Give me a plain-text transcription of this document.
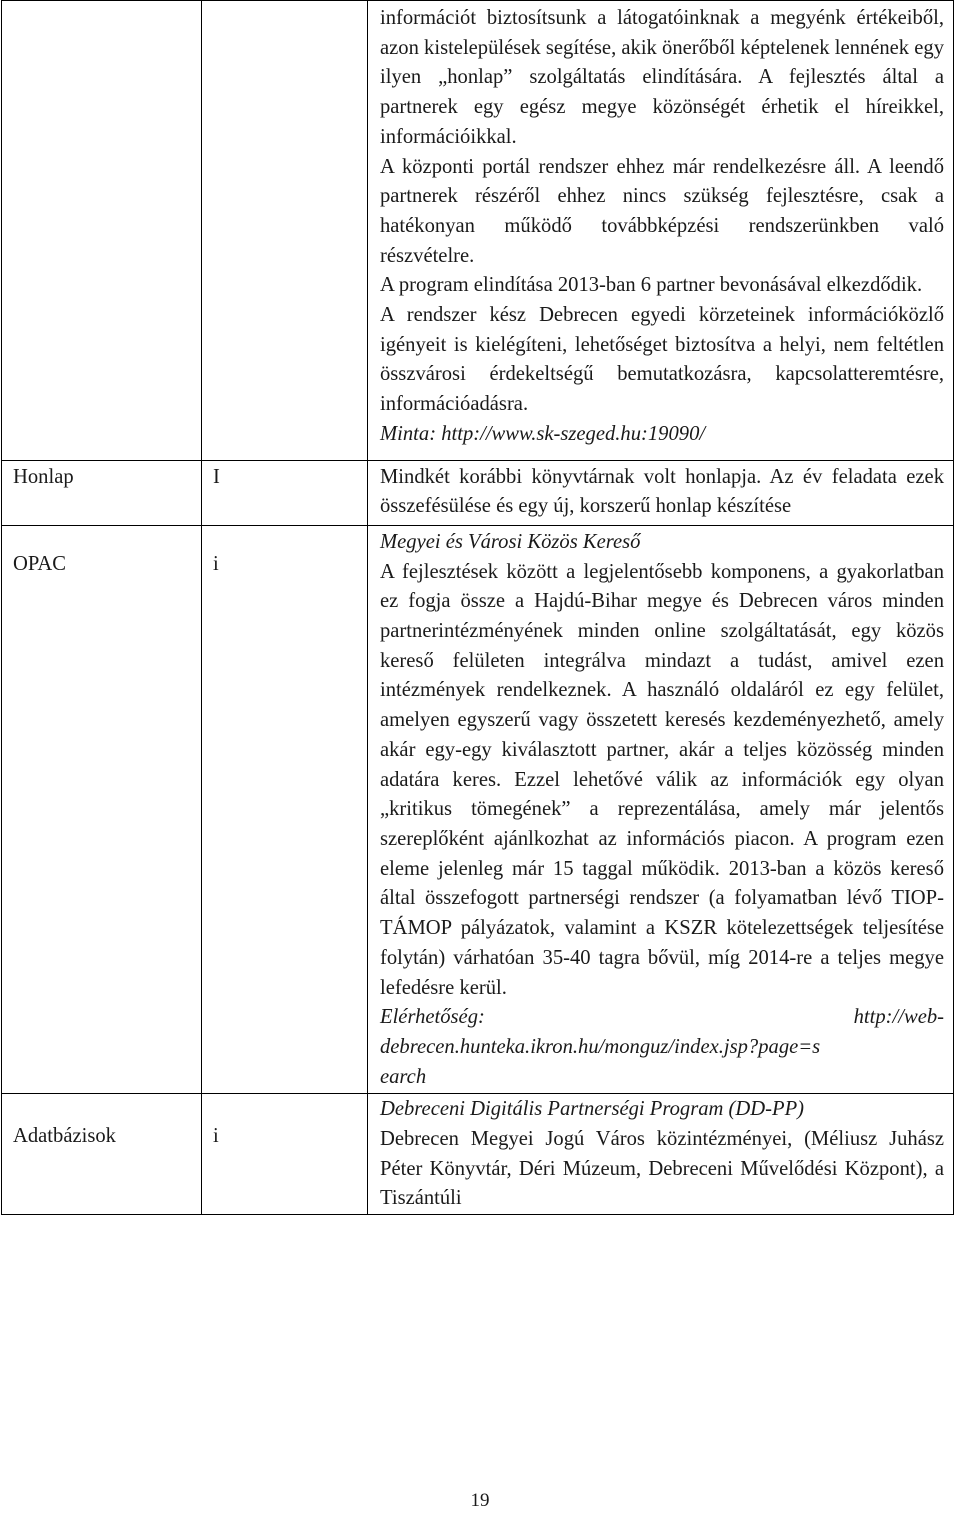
		információt biztosítsunk a látogatóinknak a megyénk értékeiből, azon kistelepülések segítése, akik önerőből képtelenek lennének egy ilyen „honlap” szolgáltatás elindítására. A fejlesztés által a partnerek egy egész megye közönségét érhetik el híreikkel, információikkal.

A központi portál rendszer ehhez már rendelkezésre áll. A leendő partnerek részéről ehhez nincs szükség fejlesztésre, csak a hatékonyan működő továbbképzési rendszerünkben való részvételre.

A program elindítása 2013-ban 6 partner bevonásával elkezdődik.

A rendszer kész Debrecen egyedi körzeteinek információközlő igényeit is kielégíteni, lehetőséget biztosítva a helyi, nem feltétlen összvárosi érdekeltségű bemutatkozásra, kapcsolatteremtésre, információadásra.

Minta: http://www.sk-szeged.hu:19090/

Honlap	I	Mindkét korábbi könyvtárnak volt honlapja. Az év feladata ezek összefésülése és egy új, korszerű honlap készítése

OPAC	i	Megyei és Városi Közös Kereső

A fejlesztések között a legjelentősebb komponens, a gyakorlatban ez fogja össze a Hajdú-Bihar megye és Debrecen város minden partnerintézményének minden online szolgáltatását, egy közös kereső felületen integrálva mindazt a tudást, amivel ezen intézmények rendelkeznek. A használó oldaláról ez egy felület, amelyen egyszerű vagy összetett keresés kezdeményezhető, amely akár egy-egy kiválasztott partner, akár a teljes közösség minden adatára keres. Ezzel lehetővé válik az információk egy olyan „kritikus tömegének” a reprezentálása, amely már jelentős szereplőként ajánlkozhat az információs piacon. A program ezen eleme jelenleg már 15 taggal működik. 2013-ban a közös kereső által összefogott partnerségi rendszer (a folyamatban lévő TIOP-TÁMOP pályázatok, valamint a KSZR kötelezettségek teljesítése folytán) várhatóan 35-40 tagra bővül, míg 2014-re a teljes megye lefedésre kerül.

Elérhetőség: http://web-

debrecen.hunteka.ikron.hu/monguz/index.jsp?page=s

earch

Adatbázisok	i	Debreceni Digitális Partnerségi Program (DD-PP)

Debrecen Megyei Jogú Város közintézményei, (Méliusz Juhász Péter Könyvtár, Déri Múzeum, Debreceni Művelődési Központ), a Tiszántúli

19
